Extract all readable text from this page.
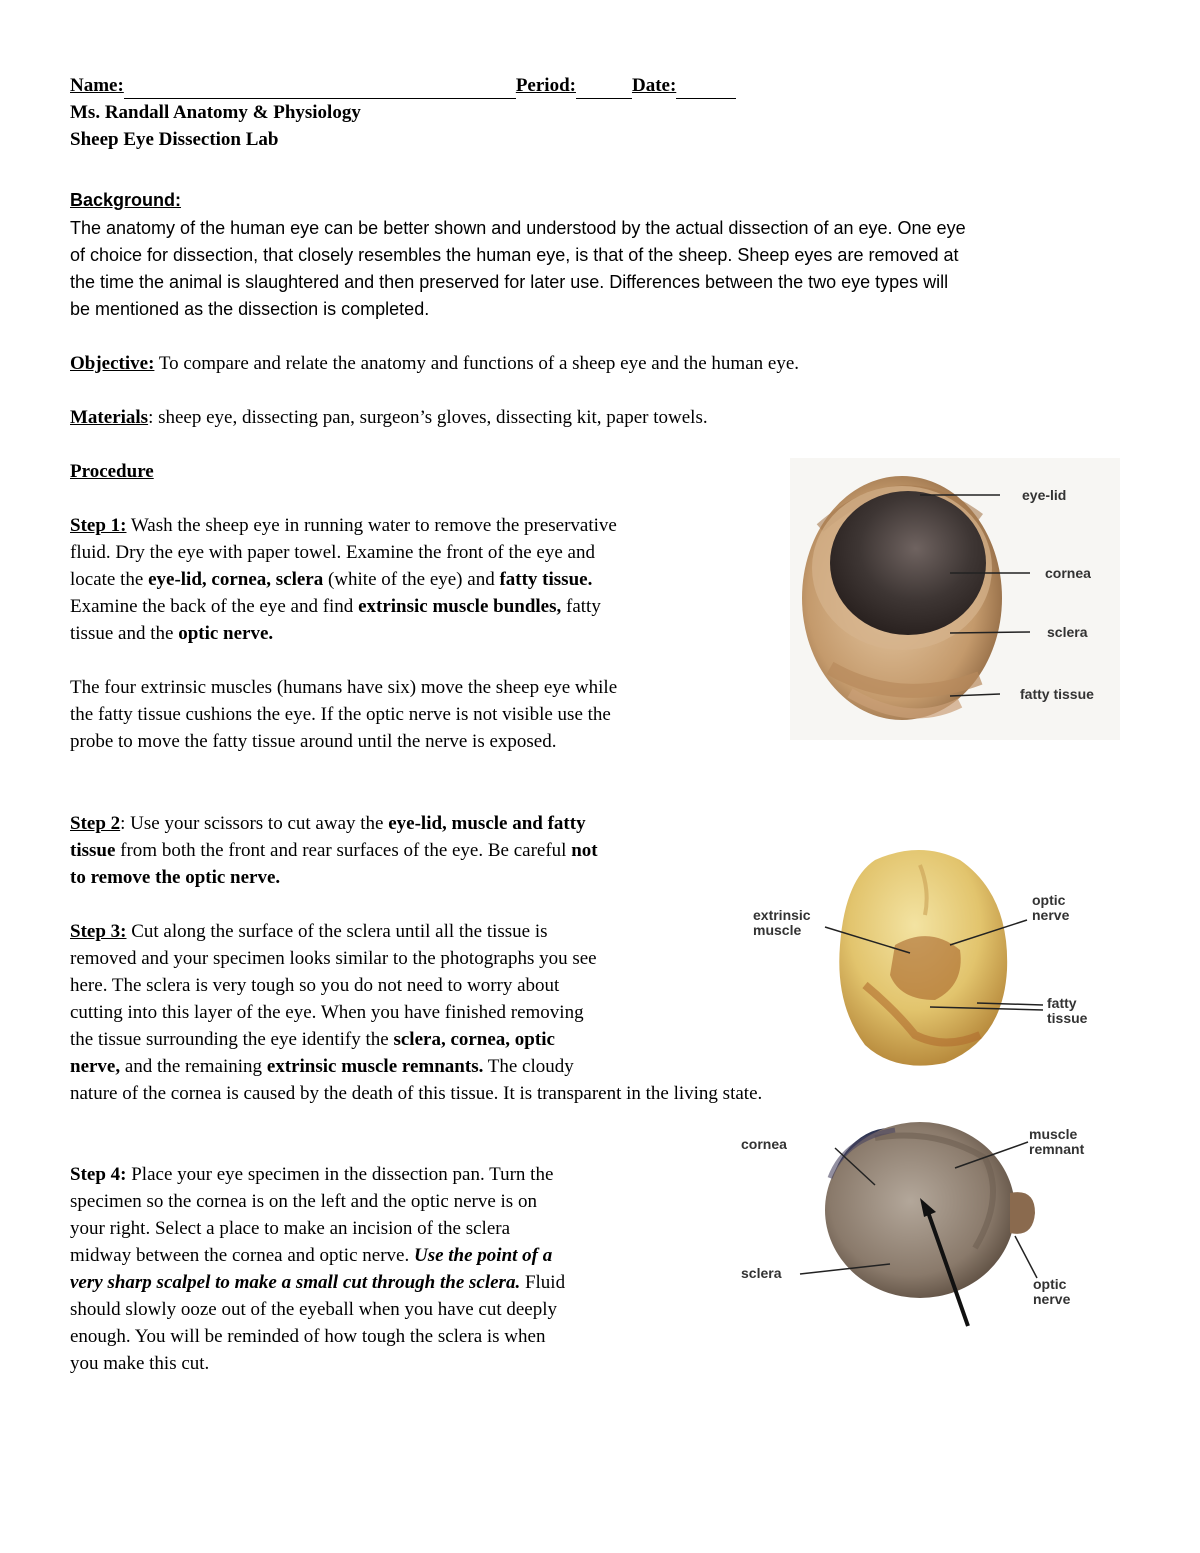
Name:	Period:	Date:
Ms. Randall Anatomy & Physiology
Sheep Eye Dissection Lab
Background:
The anatomy of the human eye can be better shown and understood by the actual dissection of an eye. One eye
of choice for dissection, that closely resembles the human eye, is that of the sheep. Sheep eyes are removed at
the time the animal is slaughtered and then preserved for later use. Differences between the two eye types will
be mentioned as the dissection is completed.
Objective: To compare and relate the anatomy and functions of a sheep eye and the human eye.
Materials: sheep eye, dissecting pan, surgeon’s gloves, dissecting kit, paper towels.
Procedure
Step 1: Wash the sheep eye in running water to remove the preservative
fluid. Dry the eye with paper towel. Examine the front of the eye and
locate the eye-lid, cornea, sclera (white of the eye) and fatty tissue.
Examine the back of the eye and find extrinsic muscle bundles, fatty
tissue and the optic nerve.
The four extrinsic muscles (humans have six) move the sheep eye while
the fatty tissue cushions the eye. If the optic nerve is not visible use the
probe to move the fatty tissue around until the nerve is exposed.
Step 2: Use your scissors to cut away the eye-lid, muscle and fatty
tissue from both the front and rear surfaces of the eye. Be careful not
to remove the optic nerve.
Step 3: Cut along the surface of the sclera until all the tissue is
removed and your specimen looks similar to the photographs you see
here. The sclera is very tough so you do not need to worry about
cutting into this layer of the eye. When you have finished removing
the tissue surrounding the eye identify the sclera, cornea, optic
nerve, and the remaining extrinsic muscle remnants. The cloudy
nature of the cornea is caused by the death of this tissue. It is transparent in the living state.
Step 4: Place your eye specimen in the dissection pan. Turn the
specimen so the cornea is on the left and the optic nerve is on
your right. Select a place to make an incision of the sclera
midway between the cornea and optic nerve. Use the point of a
very sharp scalpel to make a small cut through the sclera. Fluid
should slowly ooze out of the eyeball when you have cut deeply
enough. You will be reminded of how tough the sclera is when
you make this cut.
eye-lid
cornea
sclera
fatty tissue
extrinsic
muscle
optic
nerve
fatty
tissue
cornea
muscle
remnant
sclera
optic
nerve
